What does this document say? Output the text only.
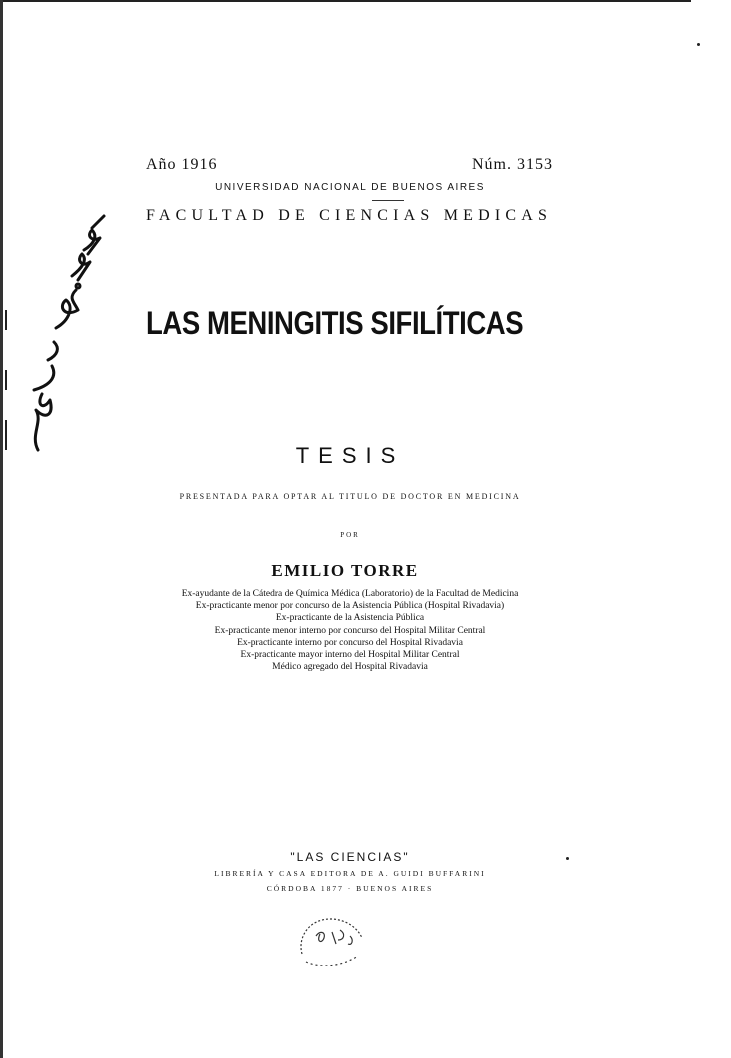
Año 1916	Núm. 3153
UNIVERSIDAD NACIONAL DE BUENOS AIRES
FACULTAD DE CIENCIAS MEDICAS
LAS MENINGITIS SIFILÍTICAS
TESIS
PRESENTADA PARA OPTAR AL TITULO DE DOCTOR EN MEDICINA
POR
EMILIO TORRE
Ex-ayudante de la Cátedra de Química Médica (Laboratorio) de la Facultad de Medicina
Ex-practicante menor por concurso de la Asistencia Pública (Hospital Rivadavia)
Ex-practicante de la Asistencia Pública
Ex-practicante menor interno por concurso del Hospital Militar Central
Ex-practicante interno por concurso del Hospital Rivadavia
Ex-practicante mayor interno del Hospital Militar Central
Médico agregado del Hospital Rivadavia
"LAS CIENCIAS"
LIBRERÍA Y CASA EDITORA DE A. GUIDI BUFFARINI
CÓRDOBA 1877 · BUENOS AIRES
